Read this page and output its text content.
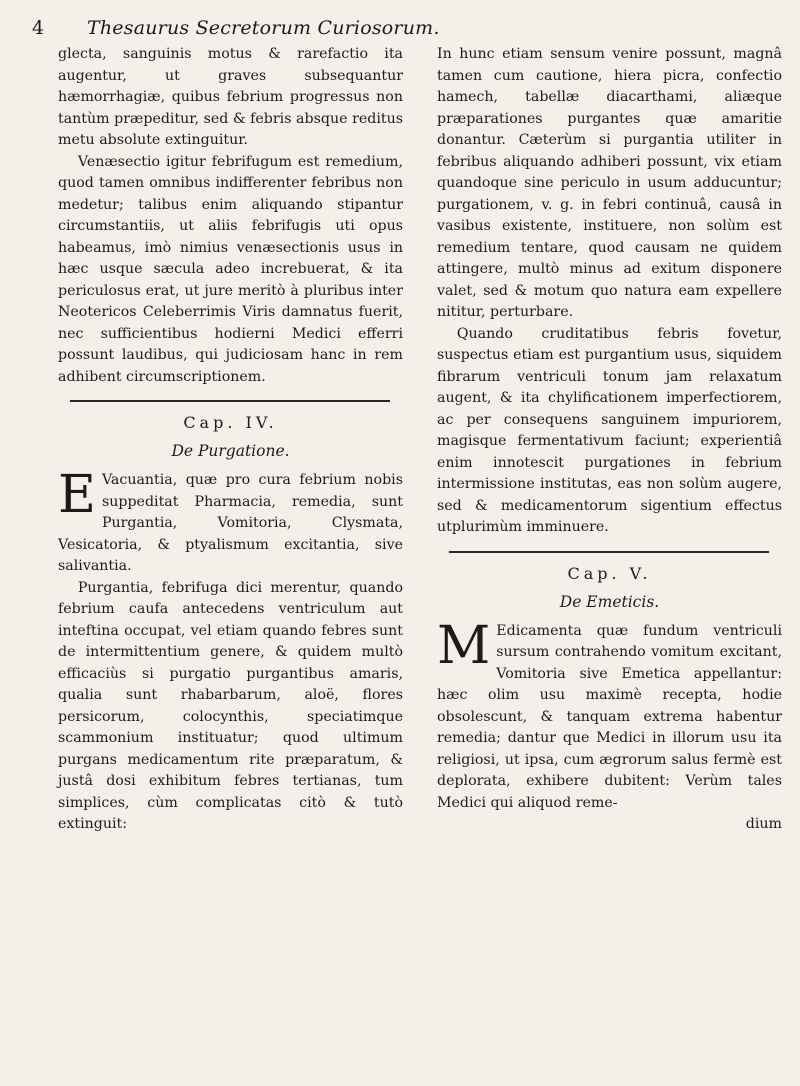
4 Thesaurus Secretorum Curiosorum.

glecta, sanguinis motus & rarefactio ita augentur, ut graves subsequantur hæmorrhagiæ, quibus febrium progressus non tantùm præpeditur, sed & febris absque reditus metu absolute extinguitur.

Venæsectio igitur febrifugum est remedium, quod tamen omnibus indifferenter febribus non medetur; talibus enim aliquando stipantur circumstantiis, ut aliis febrifugis uti opus habeamus, imò nimius venæsectionis usus in hæc usque sæcula adeo increbuerat, & ita periculosus erat, ut jure meritò à pluribus inter Neotericos Celeberrimis Viris damnatus fuerit, nec sufficientibus hodierni Medici efferri possunt laudibus, qui judiciosam hanc in rem adhibent circumscriptionem.

Cap. IV.
De Purgatione.

E Vacuantia, quæ pro cura febrium nobis suppeditat Pharmacia, remedia, sunt Purgantia, Vomitoria, Clysmata, Vesicatoria, & ptyalismum excitantia, sive salivantia.

Purgantia, febrifuga dici merentur, quando febrium caufa antecedens ventriculum aut inteftina occupat, vel etiam quando febres sunt de intermittentium genere, & quidem multò efficaciùs si purgatio purgantibus amaris, qualia sunt rhabarbarum, aloë, flores persicorum, colocynthis, speciatimque scammonium instituatur; quod ultimum purgans medicamentum rite præparatum, & justâ dosi exhibitum febres tertianas, tum simplices, cùm complicatas citò & tutò extinguit:

In hunc etiam sensum venire possunt, magnâ tamen cum cautione, hiera picra, confectio hamech, tabellæ diacarthami, aliæque præparationes purgantes quæ amaritie donantur. Cæterùm si purgantia utiliter in febribus aliquando adhiberi possunt, vix etiam quandoque sine periculo in usum adducuntur; purgationem, v. g. in febri continuâ, causâ in vasibus existente, instituere, non solùm est remedium tentare, quod causam ne quidem attingere, multò minus ad exitum disponere valet, sed & motum quo natura eam expellere nititur, perturbare.

Quando cruditatibus febris fovetur, suspectus etiam est purgantium usus, siquidem fibrarum ventriculi tonum jam relaxatum augent, & ita chylificationem imperfectiorem, ac per consequens sanguinem impuriorem, magisque fermentativum faciunt; experientiâ enim innotescit purgationes in febrium intermissione institutas, eas non solùm augere, sed & medicamentorum sigentium effectus utplurimùm imminuere.

Cap. V.
De Emeticis.

M Edicamenta quæ fundum ventriculi sursum contrahendo vomitum excitant, Vomitoria sive Emetica appellantur: hæc olim usu maximè recepta, hodie obsolescunt, & tanquam extrema habentur remedia; dantur que Medici in illorum usu ita religiosi, ut ipsa, cum ægrorum salus fermè est deplorata, exhibere dubitent: Verùm tales Medici qui aliquod reme-

dium
